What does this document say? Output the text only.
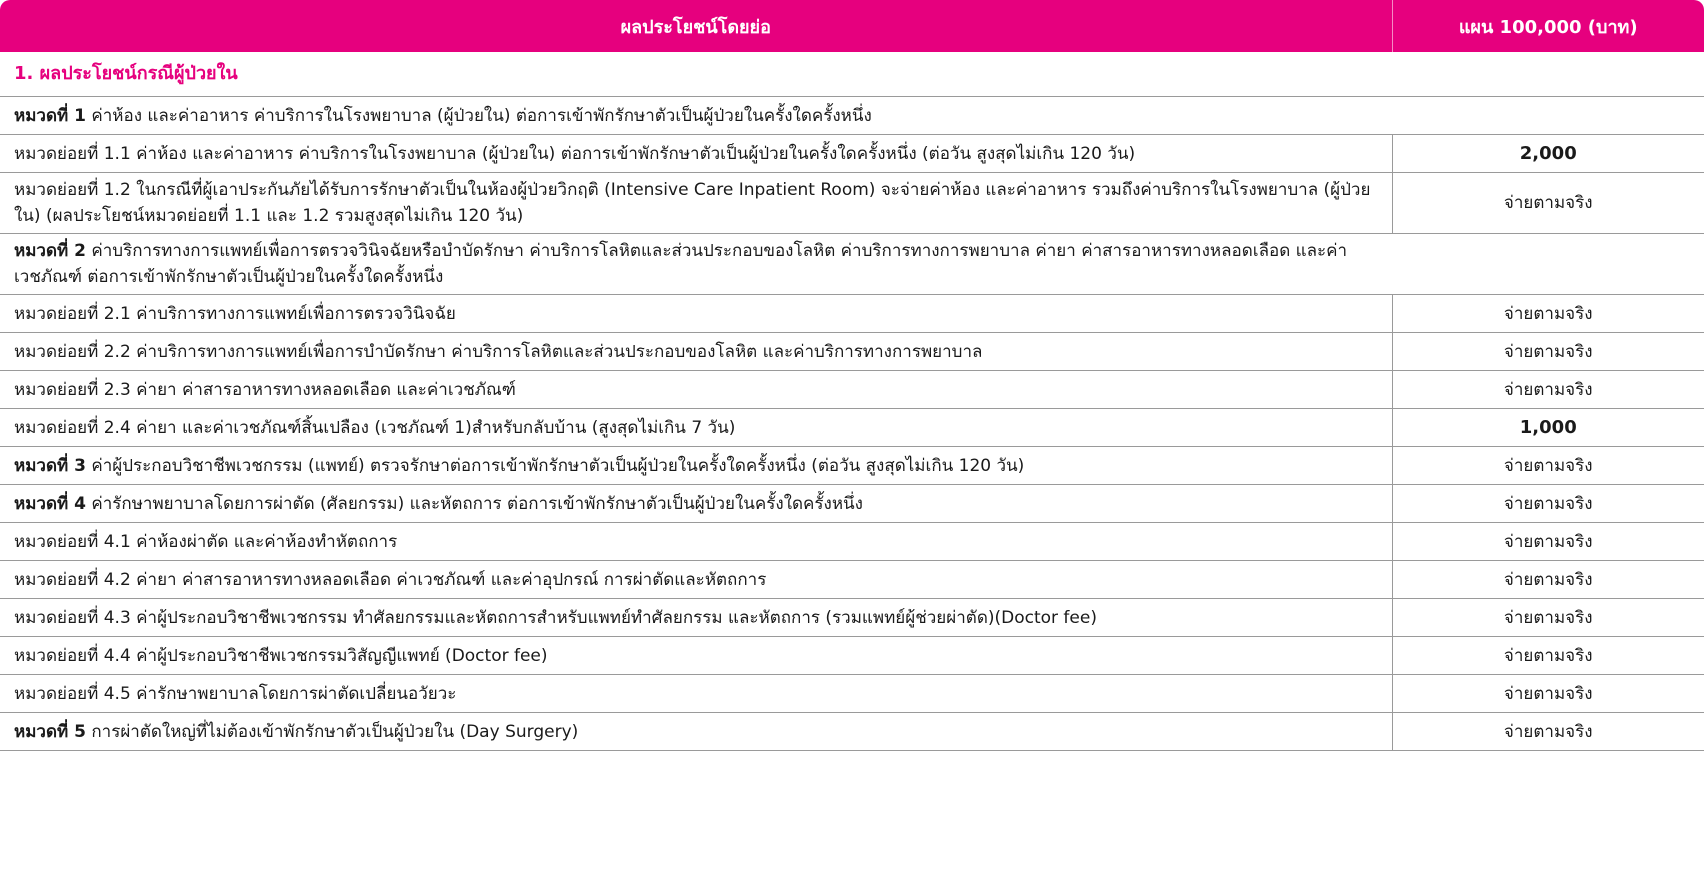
ผลประโยชน์โดยย่อ	แผน 100,000 (บาท)
1. ผลประโยชน์กรณีผู้ป่วยใน	
หมวดที่ 1 ค่าห้อง และค่าอาหาร ค่าบริการในโรงพยาบาล (ผู้ป่วยใน) ต่อการเข้าพักรักษาตัวเป็นผู้ป่วยในครั้งใดครั้งหนึ่ง	
หมวดย่อยที่ 1.1 ค่าห้อง และค่าอาหาร ค่าบริการในโรงพยาบาล (ผู้ป่วยใน) ต่อการเข้าพักรักษาตัวเป็นผู้ป่วยในครั้งใดครั้งหนึ่ง (ต่อวัน สูงสุดไม่เกิน 120 วัน)	2,000
หมวดย่อยที่ 1.2 ในกรณีที่ผู้เอาประกันภัยได้รับการรักษาตัวเป็นในห้องผู้ป่วยวิกฤติ (Intensive Care Inpatient Room) จะจ่ายค่าห้อง และค่าอาหาร รวมถึงค่าบริการในโรงพยาบาล (ผู้ป่วยใน) (ผลประโยชน์หมวดย่อยที่ 1.1 และ 1.2 รวมสูงสุดไม่เกิน 120 วัน)	จ่ายตามจริง
หมวดที่ 2 ค่าบริการทางการแพทย์เพื่อการตรวจวินิจฉัยหรือบำบัดรักษา ค่าบริการโลหิตและส่วนประกอบของโลหิต ค่าบริการทางการพยาบาล ค่ายา ค่าสารอาหารทางหลอดเลือด และค่าเวชภัณฑ์ ต่อการเข้าพักรักษาตัวเป็นผู้ป่วยในครั้งใดครั้งหนึ่ง	
หมวดย่อยที่ 2.1 ค่าบริการทางการแพทย์เพื่อการตรวจวินิจฉัย	จ่ายตามจริง
หมวดย่อยที่ 2.2 ค่าบริการทางการแพทย์เพื่อการบำบัดรักษา ค่าบริการโลหิตและส่วนประกอบของโลหิต และค่าบริการทางการพยาบาล	จ่ายตามจริง
หมวดย่อยที่ 2.3 ค่ายา ค่าสารอาหารทางหลอดเลือด และค่าเวชภัณฑ์	จ่ายตามจริง
หมวดย่อยที่ 2.4 ค่ายา และค่าเวชภัณฑ์สิ้นเปลือง (เวชภัณฑ์ 1)สำหรับกลับบ้าน (สูงสุดไม่เกิน 7 วัน)	1,000
หมวดที่ 3 ค่าผู้ประกอบวิชาชีพเวชกรรม (แพทย์) ตรวจรักษาต่อการเข้าพักรักษาตัวเป็นผู้ป่วยในครั้งใดครั้งหนึ่ง (ต่อวัน สูงสุดไม่เกิน 120 วัน)	จ่ายตามจริง
หมวดที่ 4 ค่ารักษาพยาบาลโดยการผ่าตัด (ศัลยกรรม) และหัตถการ ต่อการเข้าพักรักษาตัวเป็นผู้ป่วยในครั้งใดครั้งหนึ่ง	จ่ายตามจริง
หมวดย่อยที่ 4.1 ค่าห้องผ่าตัด และค่าห้องทำหัตถการ	จ่ายตามจริง
หมวดย่อยที่ 4.2 ค่ายา ค่าสารอาหารทางหลอดเลือด ค่าเวชภัณฑ์ และค่าอุปกรณ์ การผ่าตัดและหัตถการ	จ่ายตามจริง
หมวดย่อยที่ 4.3 ค่าผู้ประกอบวิชาชีพเวชกรรม ทำศัลยกรรมและหัตถการสำหรับแพทย์ทำศัลยกรรม และหัตถการ (รวมแพทย์ผู้ช่วยผ่าตัด)(Doctor fee)	จ่ายตามจริง
หมวดย่อยที่ 4.4 ค่าผู้ประกอบวิชาชีพเวชกรรมวิสัญญีแพทย์ (Doctor fee)	จ่ายตามจริง
หมวดย่อยที่ 4.5 ค่ารักษาพยาบาลโดยการผ่าตัดเปลี่ยนอวัยวะ	จ่ายตามจริง
หมวดที่ 5 การผ่าตัดใหญ่ที่ไม่ต้องเข้าพักรักษาตัวเป็นผู้ป่วยใน (Day Surgery)	จ่ายตามจริง
